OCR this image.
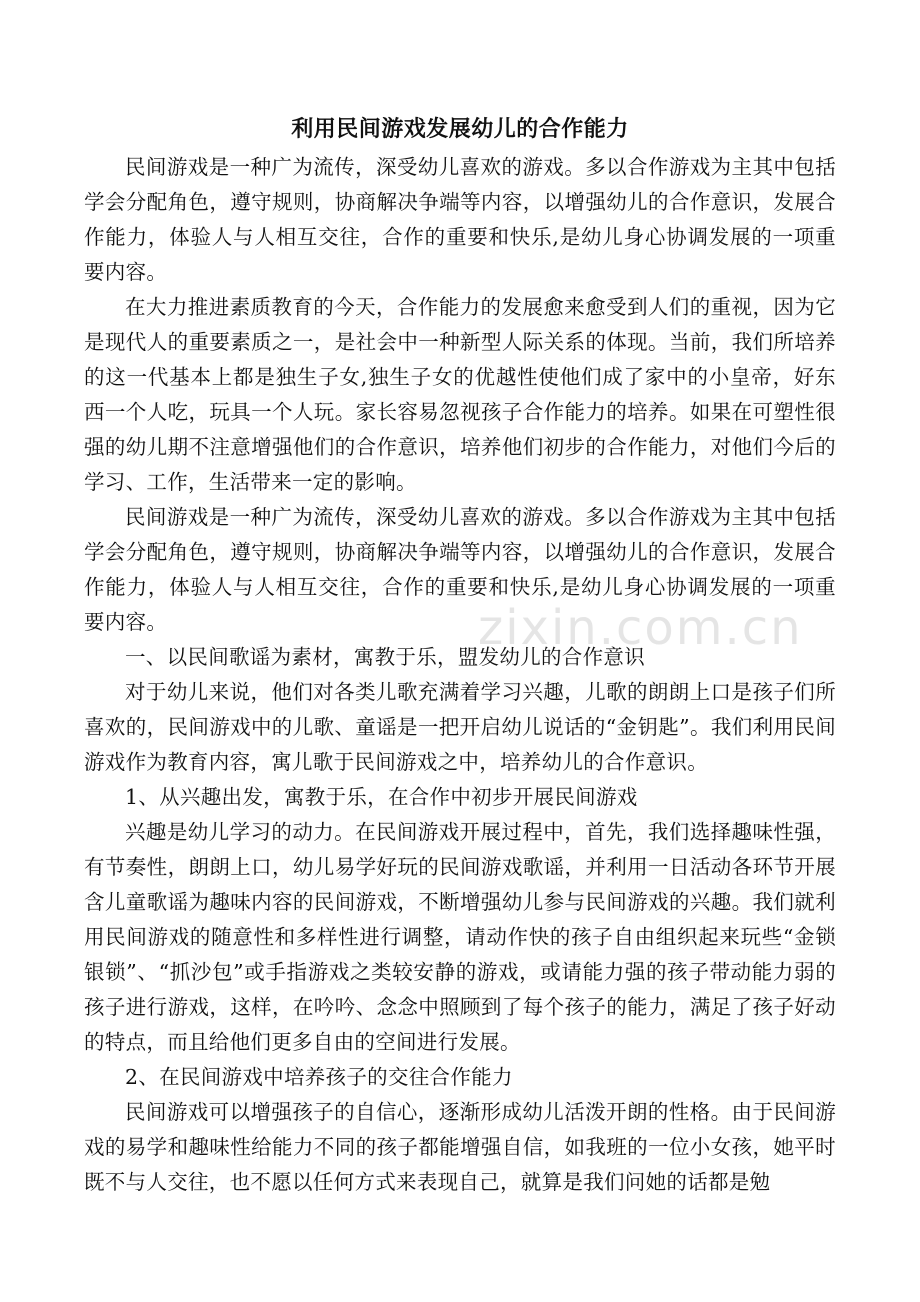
zixin.com.cn
利用民间游戏发展幼儿的合作能力

民间游戏是一种广为流传，深受幼儿喜欢的游戏。多以合作游戏为主其中包括学会分配角色，遵守规则，协商解决争端等内容，以增强幼儿的合作意识，发展合作能力，体验人与人相互交往，合作的重要和快乐,是幼儿身心协调发展的一项重要内容。

在大力推进素质教育的今天，合作能力的发展愈来愈受到人们的重视，因为它是现代人的重要素质之一，是社会中一种新型人际关系的体现。当前，我们所培养的这一代基本上都是独生子女,独生子女的优越性使他们成了家中的小皇帝，好东西一个人吃，玩具一个人玩。家长容易忽视孩子合作能力的培养。如果在可塑性很强的幼儿期不注意增强他们的合作意识，培养他们初步的合作能力，对他们今后的学习、工作，生活带来一定的影响。

民间游戏是一种广为流传，深受幼儿喜欢的游戏。多以合作游戏为主其中包括学会分配角色，遵守规则，协商解决争端等内容，以增强幼儿的合作意识，发展合作能力，体验人与人相互交往，合作的重要和快乐,是幼儿身心协调发展的一项重要内容。

一、以民间歌谣为素材，寓教于乐，盟发幼儿的合作意识

对于幼儿来说，他们对各类儿歌充满着学习兴趣，儿歌的朗朗上口是孩子们所喜欢的，民间游戏中的儿歌、童谣是一把开启幼儿说话的“金钥匙”。我们利用民间游戏作为教育内容，寓儿歌于民间游戏之中，培养幼儿的合作意识。

1、从兴趣出发，寓教于乐，在合作中初步开展民间游戏

兴趣是幼儿学习的动力。在民间游戏开展过程中，首先，我们选择趣味性强，有节奏性，朗朗上口，幼儿易学好玩的民间游戏歌谣，并利用一日活动各环节开展含儿童歌谣为趣味内容的民间游戏，不断增强幼儿参与民间游戏的兴趣。我们就利用民间游戏的随意性和多样性进行调整，请动作快的孩子自由组织起来玩些“金锁银锁”、“抓沙包”或手指游戏之类较安静的游戏，或请能力强的孩子带动能力弱的孩子进行游戏，这样，在吟吟、念念中照顾到了每个孩子的能力，满足了孩子好动的特点，而且给他们更多自由的空间进行发展。

2、在民间游戏中培养孩子的交往合作能力

民间游戏可以增强孩子的自信心，逐渐形成幼儿活泼开朗的性格。由于民间游戏的易学和趣味性给能力不同的孩子都能增强自信，如我班的一位小女孩，她平时既不与人交往，也不愿以任何方式来表现自己，就算是我们问她的话都是勉
